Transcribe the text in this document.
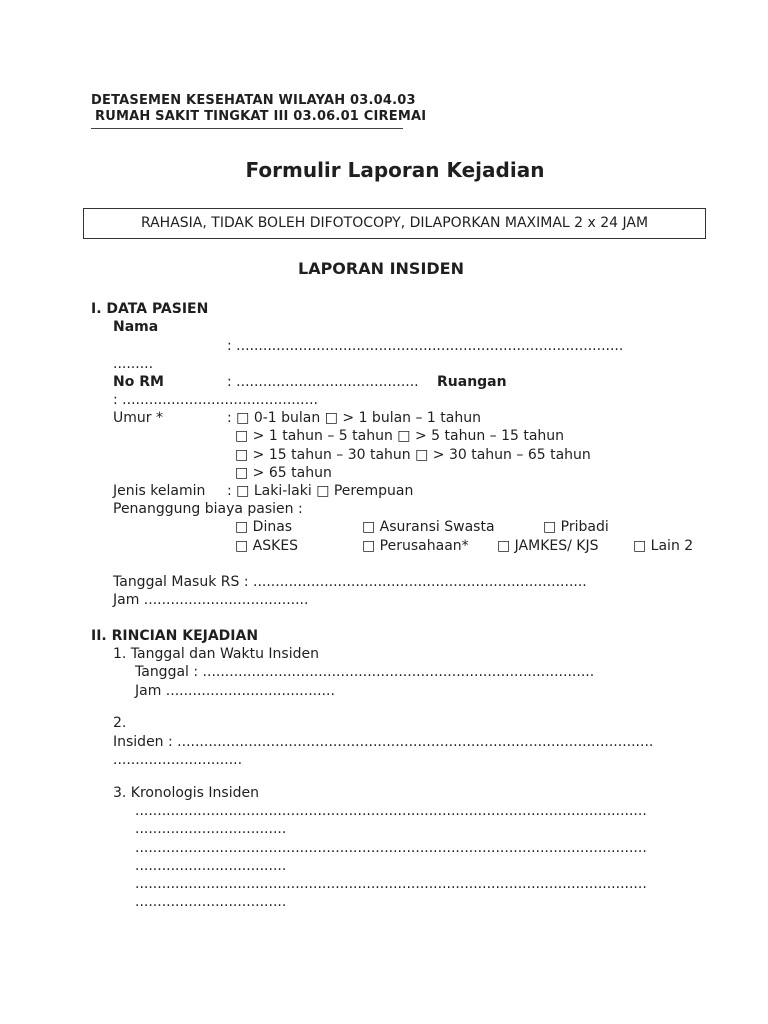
DETASEMEN KESEHATAN WILAYAH 03.04.03
RUMAH SAKIT TINGKAT III 03.06.01 CIREMAI
Formulir Laporan Kejadian
RAHASIA, TIDAK BOLEH DIFOTOCOPY, DILAPORKAN MAXIMAL 2 x 24 JAM
LAPORAN INSIDEN
I. DATA PASIEN
Nama
: .......................................................................................
.........
No RM	: ......................................... Ruangan
: ............................................
Umur *	: □ 0-1 bulan □ > 1 bulan – 1 tahun
□ > 1 tahun – 5 tahun □ > 5 tahun – 15 tahun
□ > 15 tahun – 30 tahun □ > 30 tahun – 65 tahun
□ > 65 tahun
Jenis kelamin : □ Laki-laki □ Perempuan
Penanggung biaya pasien :
□ Dinas	□ Asuransi Swasta	□ Pribadi
□ ASKES	□ Perusahaan* □ JAMKES/ KJS □ Lain 2
Tanggal Masuk RS : ...........................................................................
Jam .....................................
II. RINCIAN KEJADIAN
1. Tanggal dan Waktu Insiden
Tanggal : ........................................................................................
Jam ......................................
2.
Insiden : ...........................................................................................................
.............................
3. Kronologis Insiden
...................................................................................................................
..................................
...................................................................................................................
..................................
...................................................................................................................
..................................
